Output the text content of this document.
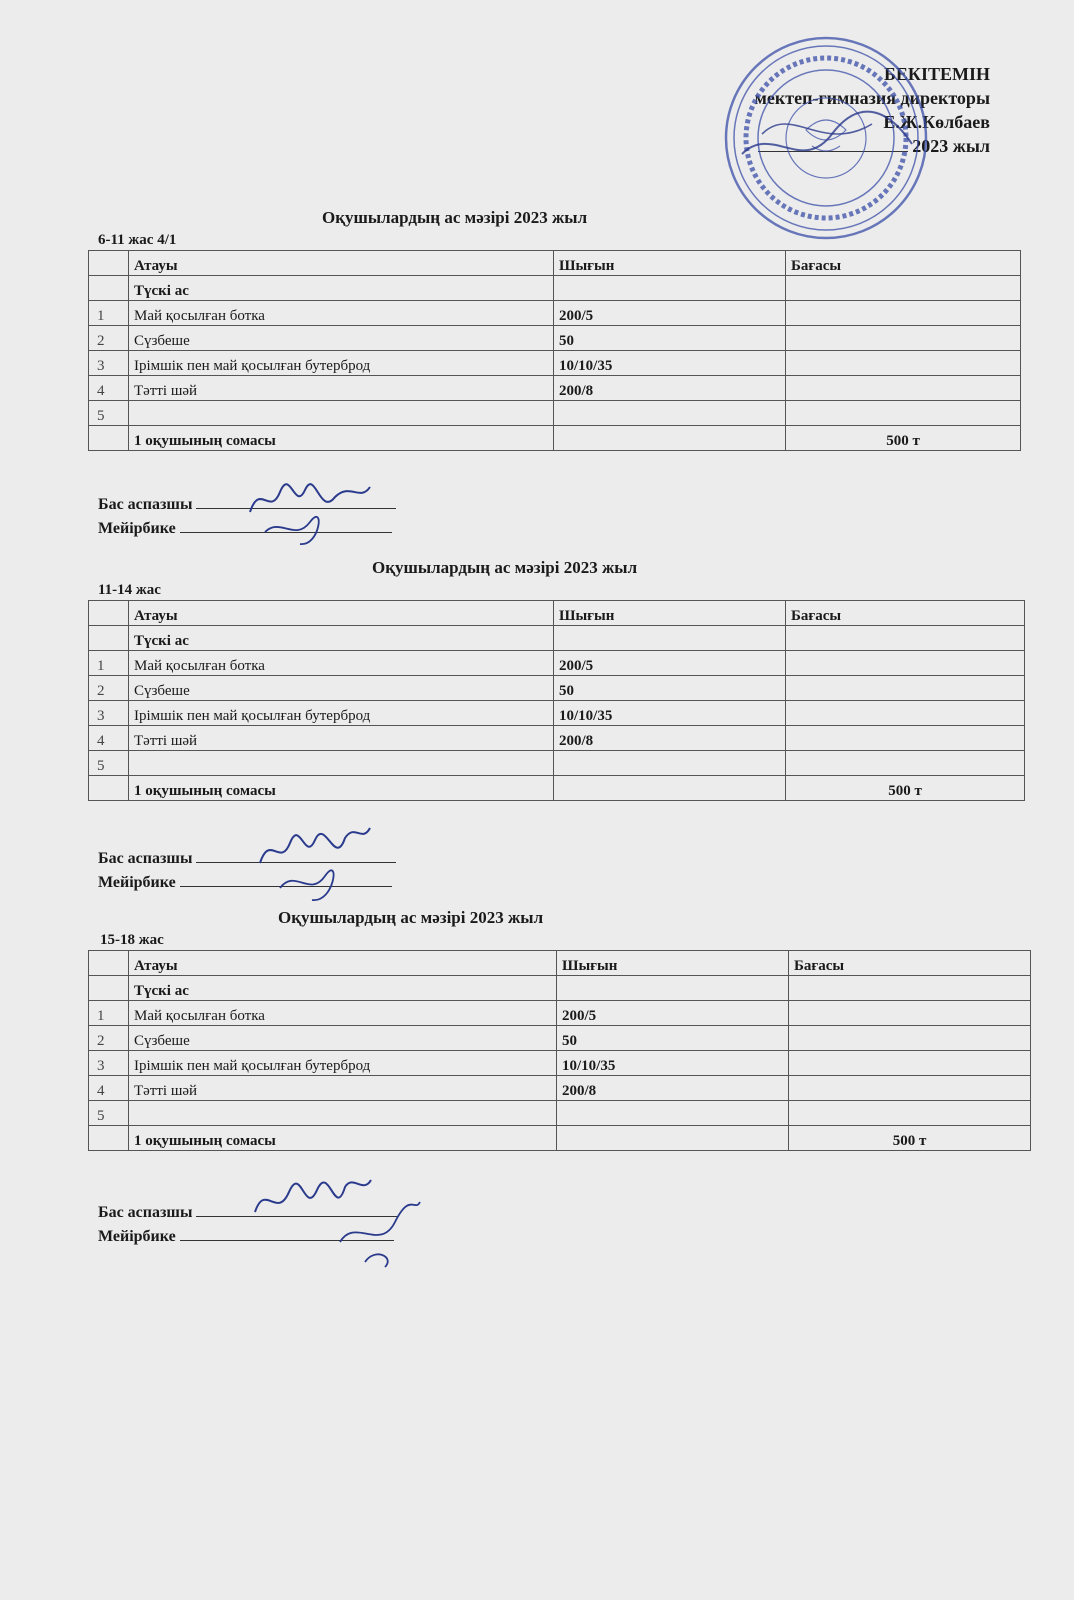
БЕКІТЕМІН
мектеп-гимназия директоры
Е.Ж.Көлбаев
2023 жыл
Оқушылардың ас мәзірі 2023 жыл
6-11 жас 4/1
	Атауы	Шығын	Бағасы
	Түскі ас		
1	Май қосылған ботка	200/5	
2	Сүзбеше	50	
3	Ірімшік пен май қосылған бутерброд	10/10/35	
4	Тәтті шәй	200/8	
5			
	1 оқушының сомасы		500 т
Бас аспазшы
Мейірбике
Оқушылардың ас мәзірі 2023 жыл
11-14 жас
	Атауы	Шығын	Бағасы
	Түскі ас		
1	Май қосылған ботка	200/5	
2	Сүзбеше	50	
3	Ірімшік пен май қосылған бутерброд	10/10/35	
4	Тәтті шәй	200/8	
5			
	1 оқушының сомасы		500 т
Бас аспазшы
Мейірбике
Оқушылардың ас мәзірі 2023 жыл
15-18 жас
	Атауы	Шығын	Бағасы
	Түскі ас		
1	Май қосылған ботка	200/5	
2	Сүзбеше	50	
3	Ірімшік пен май қосылған бутерброд	10/10/35	
4	Тәтті шәй	200/8	
5			
	1 оқушының сомасы		500 т
Бас аспазшы
Мейірбике
